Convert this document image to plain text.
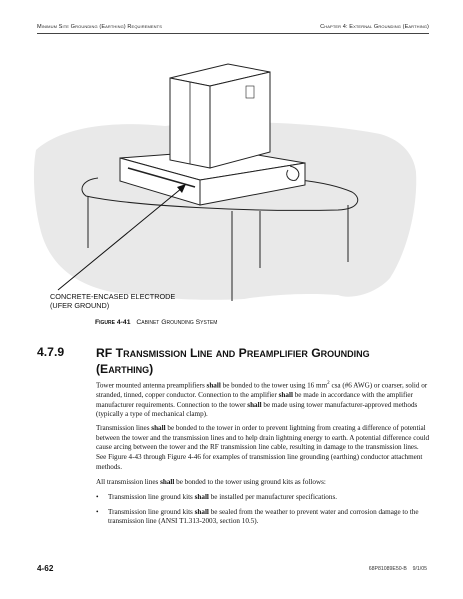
Minimum Site Grounding (Earthing) Requirements	Chapter 4: External Grounding (Earthing)
CONCRETE-ENCASED ELECTRODE
(UFER GROUND)
Figure 4-41 Cabinet Grounding System
4.7.9	RF Transmission Line and Preamplifier Grounding
(Earthing)

Tower mounted antenna preamplifiers shall be bonded to the tower using 16 $mm^2$ csa (#6 AWG) or coarser, solid or stranded, tinned, copper conductor. Connection to the amplifier shall be made in accordance with the amplifier manufacturer requirements. Connection to the tower shall be made using tower manufacturer-approved methods (typically a type of mechanical clamp).

Transmission lines shall be bonded to the tower in order to prevent lightning from creating a difference of potential between the tower and the transmission lines and to help drain lightning energy to earth. A potential difference could cause arcing between the tower and the RF transmission line cable, resulting in damage to the transmission lines. See Figure 4-43 through Figure 4-46 for examples of transmission line grounding (earthing) conductor attachment methods.

All transmission lines shall be bonded to the tower using ground kits as follows:

• Transmission line ground kits shall be installed per manufacturer specifications.
• Transmission line ground kits shall be sealed from the weather to prevent water and corrosion damage to the transmission line (ANSI T1.313-2003, section 10.5).
4-62	68P81089E50-B    9/1/05
